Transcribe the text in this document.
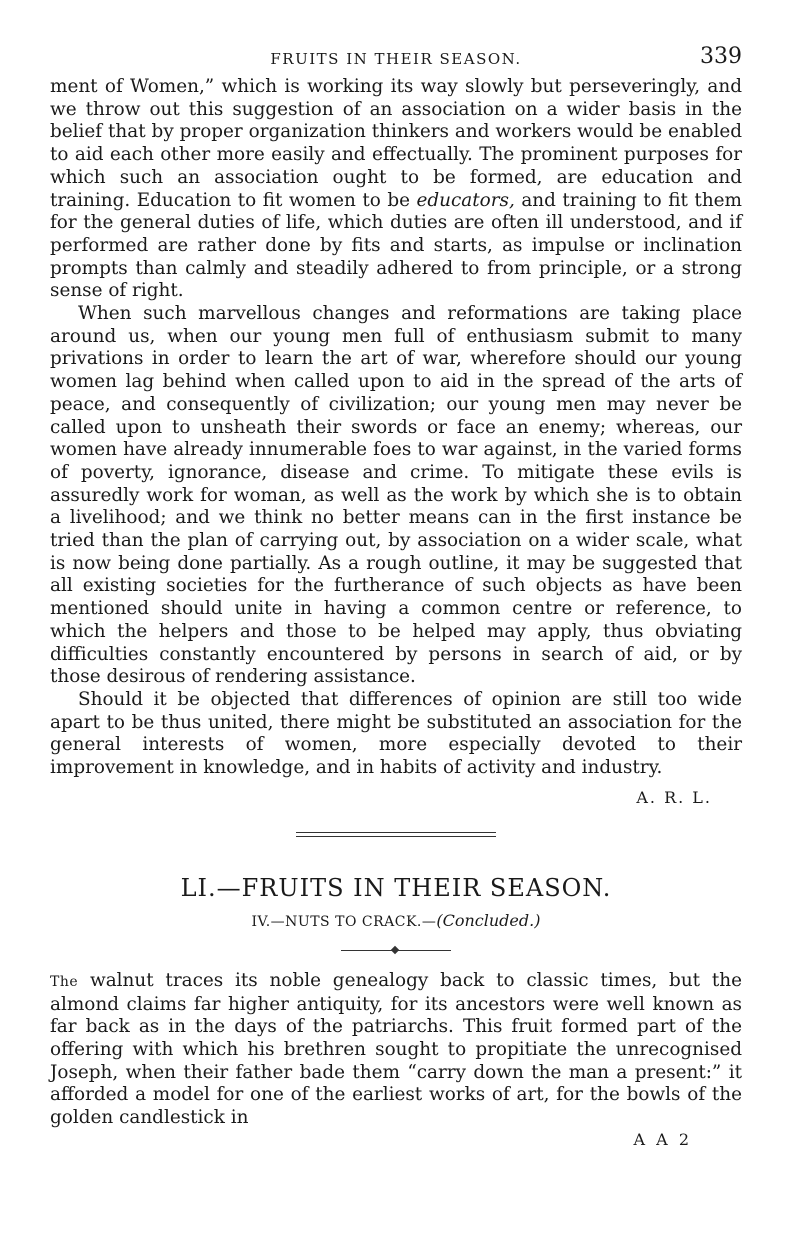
FRUITS IN THEIR SEASON.	339

ment of Women,” which is working its way slowly but perseveringly, and we throw out this suggestion of an association on a wider basis in the belief that by proper organization thinkers and workers would be enabled to aid each other more easily and effectually. The prominent purposes for which such an association ought to be formed, are education and training. Education to fit women to be educators, and training to fit them for the general duties of life, which duties are often ill understood, and if performed are rather done by fits and starts, as impulse or inclination prompts than calmly and steadily adhered to from principle, or a strong sense of right.

When such marvellous changes and reformations are taking place around us, when our young men full of enthusiasm submit to many privations in order to learn the art of war, wherefore should our young women lag behind when called upon to aid in the spread of the arts of peace, and consequently of civilization; our young men may never be called upon to unsheath their swords or face an enemy; whereas, our women have already innumerable foes to war against, in the varied forms of poverty, ignorance, disease and crime. To mitigate these evils is assuredly work for woman, as well as the work by which she is to obtain a livelihood; and we think no better means can in the first instance be tried than the plan of carrying out, by association on a wider scale, what is now being done partially. As a rough outline, it may be suggested that all existing societies for the furtherance of such objects as have been mentioned should unite in having a common centre or reference, to which the helpers and those to be helped may apply, thus obviating difficulties constantly encountered by persons in search of aid, or by those desirous of rendering assistance.

Should it be objected that differences of opinion are still too wide apart to be thus united, there might be substituted an association for the general interests of women, more especially devoted to their improvement in knowledge, and in habits of activity and industry.

A. R. L.
LI.—FRUITS IN THEIR SEASON.
IV.—NUTS TO CRACK.—(Concluded.)

The walnut traces its noble genealogy back to classic times, but the almond claims far higher antiquity, for its ancestors were well known as far back as in the days of the patriarchs. This fruit formed part of the offering with which his brethren sought to propitiate the unrecognised Joseph, when their father bade them “carry down the man a present:” it afforded a model for one of the earliest works of art, for the bowls of the golden candlestick in

A A 2
